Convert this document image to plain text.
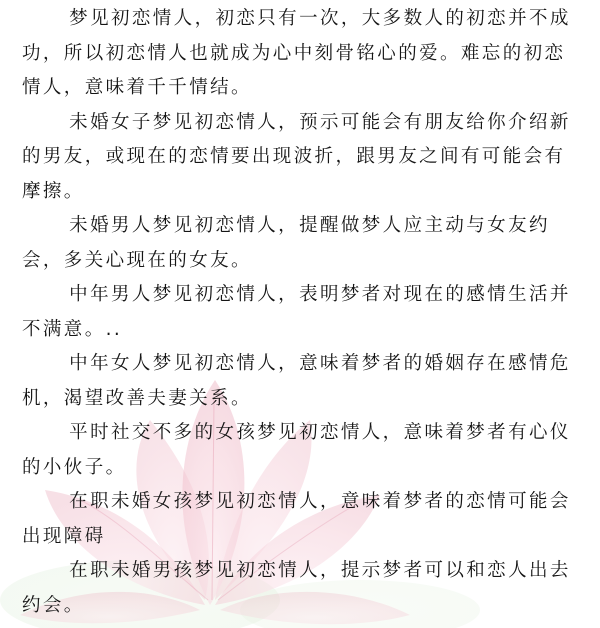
梦见初恋情人，初恋只有一次，大多数人的初恋并不成功，所以初恋情人也就成为心中刻骨铭心的爱。难忘的初恋情人，意味着千千情结。

未婚女子梦见初恋情人，预示可能会有朋友给你介绍新的男友，或现在的恋情要出现波折，跟男友之间有可能会有摩擦。

未婚男人梦见初恋情人，提醒做梦人应主动与女友约会，多关心现在的女友。

中年男人梦见初恋情人，表明梦者对现在的感情生活并不满意。..

中年女人梦见初恋情人，意味着梦者的婚姻存在感情危机，渴望改善夫妻关系。

平时社交不多的女孩梦见初恋情人，意味着梦者有心仪的小伙子。

在职未婚女孩梦见初恋情人，意味着梦者的恋情可能会出现障碍

在职未婚男孩梦见初恋情人，提示梦者可以和恋人出去约会。
